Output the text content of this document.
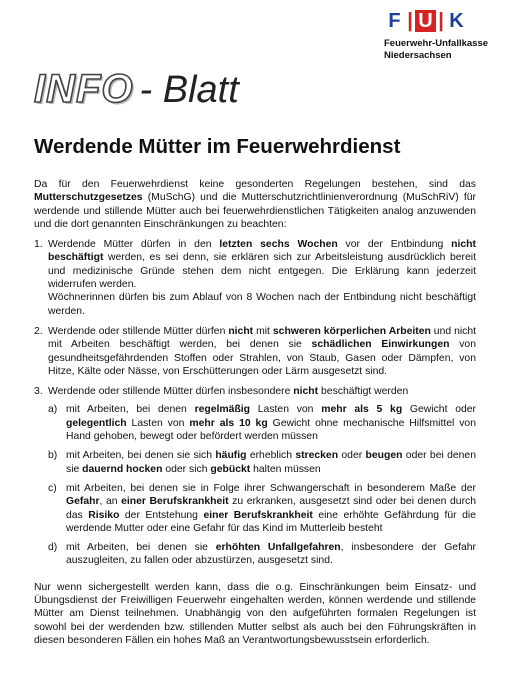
F | U | K
Feuerwehr-Unfallkasse
Niedersachsen
INFO - Blatt
Werdende Mütter im Feuerwehrdienst

Da für den Feuerwehrdienst keine gesonderten Regelungen bestehen, sind das Mutterschutzgesetzes (MuSchG) und die Mutterschutzrichtlinienverordnung (MuSchRiV) für werdende und stillende Mütter auch bei feuerwehrdienstlichen Tätigkeiten analog anzuwenden und die dort genannten Einschränkungen zu beachten:

1. Werdende Mütter dürfen in den letzten sechs Wochen vor der Entbindung nicht beschäftigt werden, es sei denn, sie erklären sich zur Arbeitsleistung ausdrücklich bereit und medizinische Gründe stehen dem nicht entgegen. Die Erklärung kann jederzeit widerrufen werden.
Wöchnerinnen dürfen bis zum Ablauf von 8 Wochen nach der Entbindung nicht beschäftigt werden.
2. Werdende oder stillende Mütter dürfen nicht mit schweren körperlichen Arbeiten und nicht mit Arbeiten beschäftigt werden, bei denen sie schädlichen Einwirkungen von gesundheitsgefährdenden Stoffen oder Strahlen, von Staub, Gasen oder Dämpfen, von Hitze, Kälte oder Nässe, von Erschütterungen oder Lärm ausgesetzt sind.
3. Werdende oder stillende Mütter dürfen insbesondere nicht beschäftigt werden
a) mit Arbeiten, bei denen regelmäßig Lasten von mehr als 5 kg Gewicht oder gelegentlich Lasten von mehr als 10 kg Gewicht ohne mechanische Hilfsmittel von Hand gehoben, bewegt oder befördert werden müssen
b) mit Arbeiten, bei denen sie sich häufig erheblich strecken oder beugen oder bei denen sie dauernd hocken oder sich gebückt halten müssen
c) mit Arbeiten, bei denen sie in Folge ihrer Schwangerschaft in besonderem Maße der Gefahr, an einer Berufskrankheit zu erkranken, ausgesetzt sind oder bei denen durch das Risiko der Entstehung einer Berufskrankheit eine erhöhte Gefährdung für die werdende Mutter oder eine Gefahr für das Kind im Mutterleib besteht
d) mit Arbeiten, bei denen sie erhöhten Unfallgefahren, insbesondere der Gefahr auszugleiten, zu fallen oder abzustürzen, ausgesetzt sind.

Nur wenn sichergestellt werden kann, dass die o.g. Einschränkungen beim Einsatz- und Übungsdienst der Freiwilligen Feuerwehr eingehalten werden, können werdende und stillende Mütter am Dienst teilnehmen. Unabhängig von den aufgeführten formalen Regelungen ist sowohl bei der werdenden bzw. stillenden Mutter selbst als auch bei den Führungskräften in diesen besonderen Fällen ein hohes Maß an Verantwortungsbewusstsein erforderlich.
